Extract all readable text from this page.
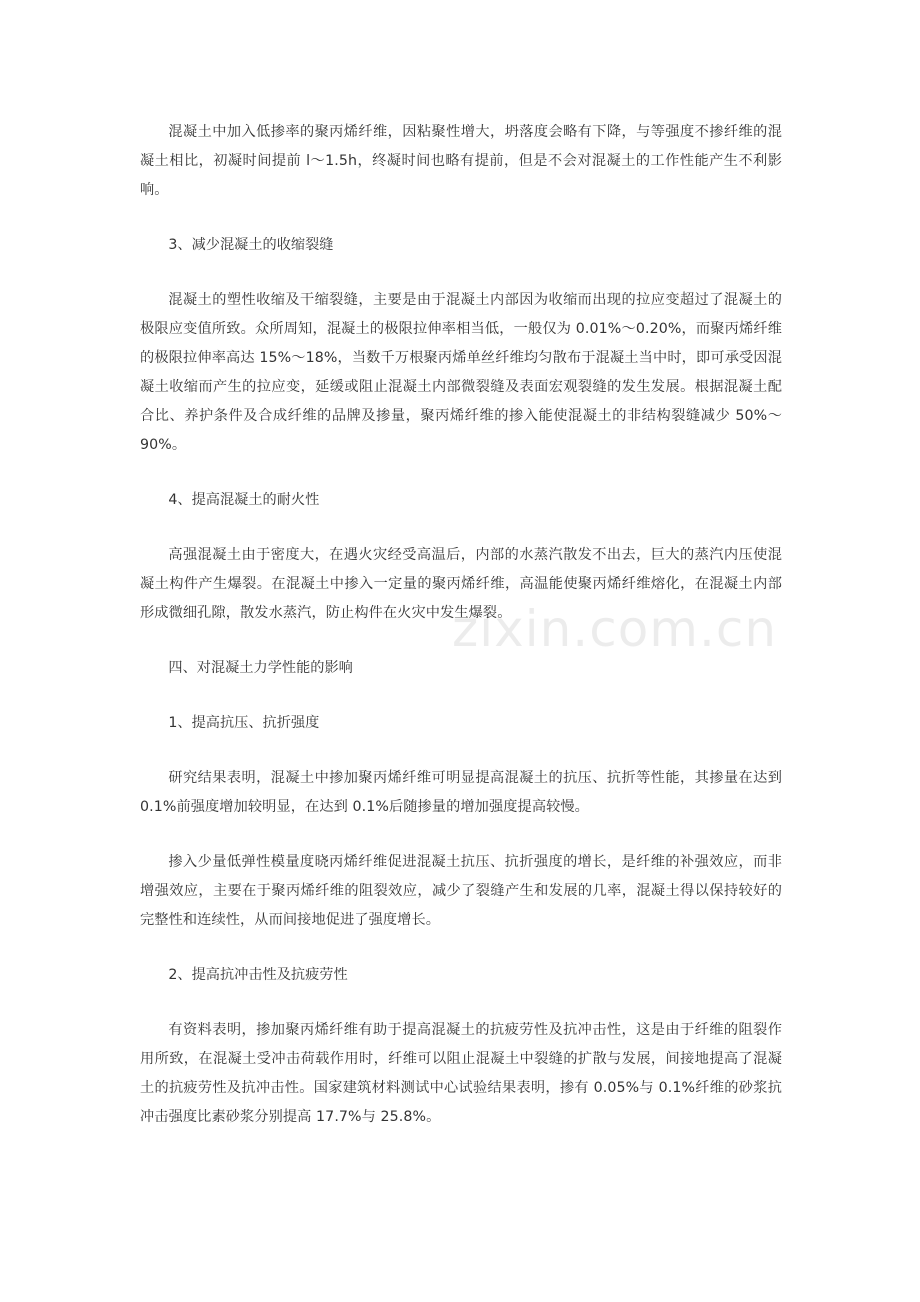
混凝土中加入低掺率的聚丙烯纤维，因粘聚性增大，坍落度会略有下降，与等强度不掺纤维的混凝土相比，初凝时间提前 l～1.5h，终凝时间也略有提前，但是不会对混凝土的工作性能产生不利影响。

3、减少混凝土的收缩裂缝

混凝土的塑性收缩及干缩裂缝，主要是由于混凝土内部因为收缩而出现的拉应变超过了混凝土的极限应变值所致。众所周知，混凝土的极限拉伸率相当低，一般仅为 0.01%～0.20%，而聚丙烯纤维的极限拉伸率高达 15%～18%，当数千万根聚丙烯单丝纤维均匀散布于混凝土当中时，即可承受因混凝土收缩而产生的拉应变，延缓或阻止混凝土内部微裂缝及表面宏观裂缝的发生发展。根据混凝土配合比、养护条件及合成纤维的品牌及掺量，聚丙烯纤维的掺入能使混凝土的非结构裂缝减少 50%～90%。

4、提高混凝土的耐火性

高强混凝土由于密度大，在遇火灾经受高温后，内部的水蒸汽散发不出去，巨大的蒸汽内压使混凝土构件产生爆裂。在混凝土中掺入一定量的聚丙烯纤维，高温能使聚丙烯纤维熔化，在混凝土内部形成微细孔隙，散发水蒸汽，防止构件在火灾中发生爆裂。

四、对混凝土力学性能的影响

1、提高抗压、抗折强度

研究结果表明，混凝土中掺加聚丙烯纤维可明显提高混凝土的抗压、抗折等性能，其掺量在达到 0.1%前强度增加较明显，在达到 0.1%后随掺量的增加强度提高较慢。

掺入少量低弹性模量度晓丙烯纤维促进混凝土抗压、抗折强度的增长，是纤维的补强效应，而非增强效应，主要在于聚丙烯纤维的阻裂效应，减少了裂缝产生和发展的几率，混凝土得以保持较好的完整性和连续性，从而间接地促进了强度增长。

2、提高抗冲击性及抗疲劳性

有资料表明，掺加聚丙烯纤维有助于提高混凝土的抗疲劳性及抗冲击性，这是由于纤维的阻裂作用所致，在混凝土受冲击荷载作用时，纤维可以阻止混凝土中裂缝的扩散与发展，间接地提高了混凝土的抗疲劳性及抗冲击性。国家建筑材料测试中心试验结果表明，掺有 0.05%与 0.1%纤维的砂浆抗冲击强度比素砂浆分别提高 17.7%与 25.8%。

zixin.com.cn
